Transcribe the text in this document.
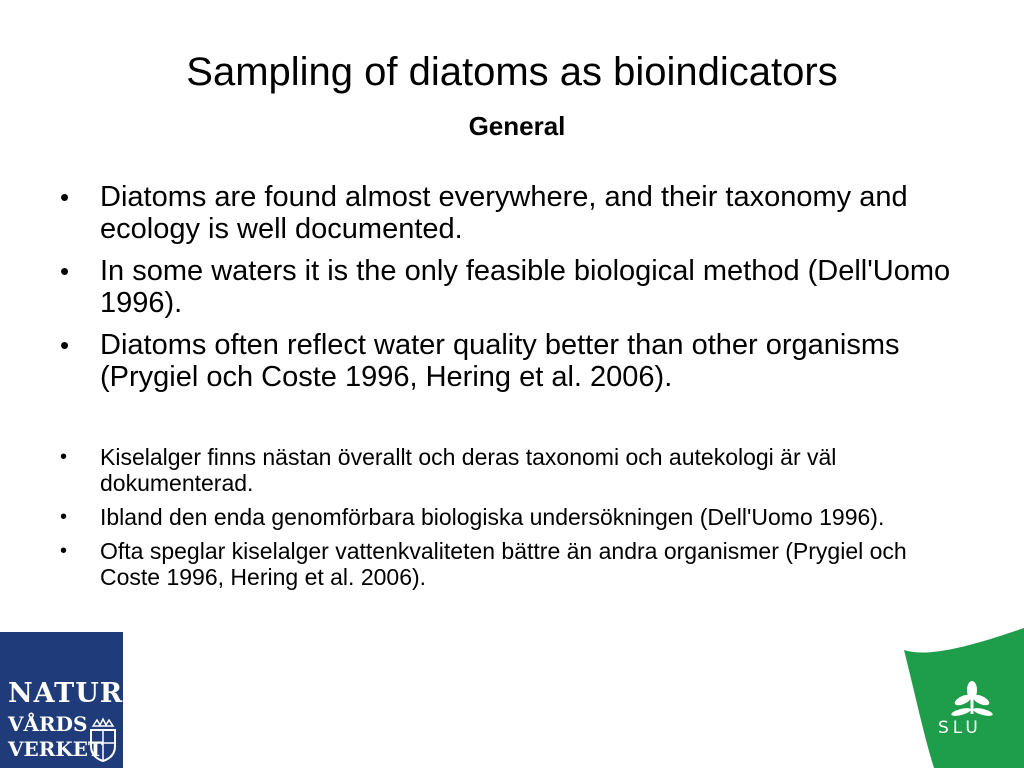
Sampling of diatoms as bioindicators
General
• Diatoms are found almost everywhere, and their taxonomy and ecology is well documented.
• In some waters it is the only feasible biological method (Dell'Uomo 1996).
• Diatoms often reflect water quality better than other organisms (Prygiel och Coste 1996, Hering et al. 2006).
• Kiselalger finns nästan överallt och deras taxonomi och autekologi är väl dokumenterad.
• Ibland den enda genomförbara biologiska undersökningen (Dell'Uomo 1996).
• Ofta speglar kiselalger vattenkvaliteten bättre än andra organismer (Prygiel och Coste 1996, Hering et al. 2006).
NATUR
VÅRDS
VERKET
SLU
